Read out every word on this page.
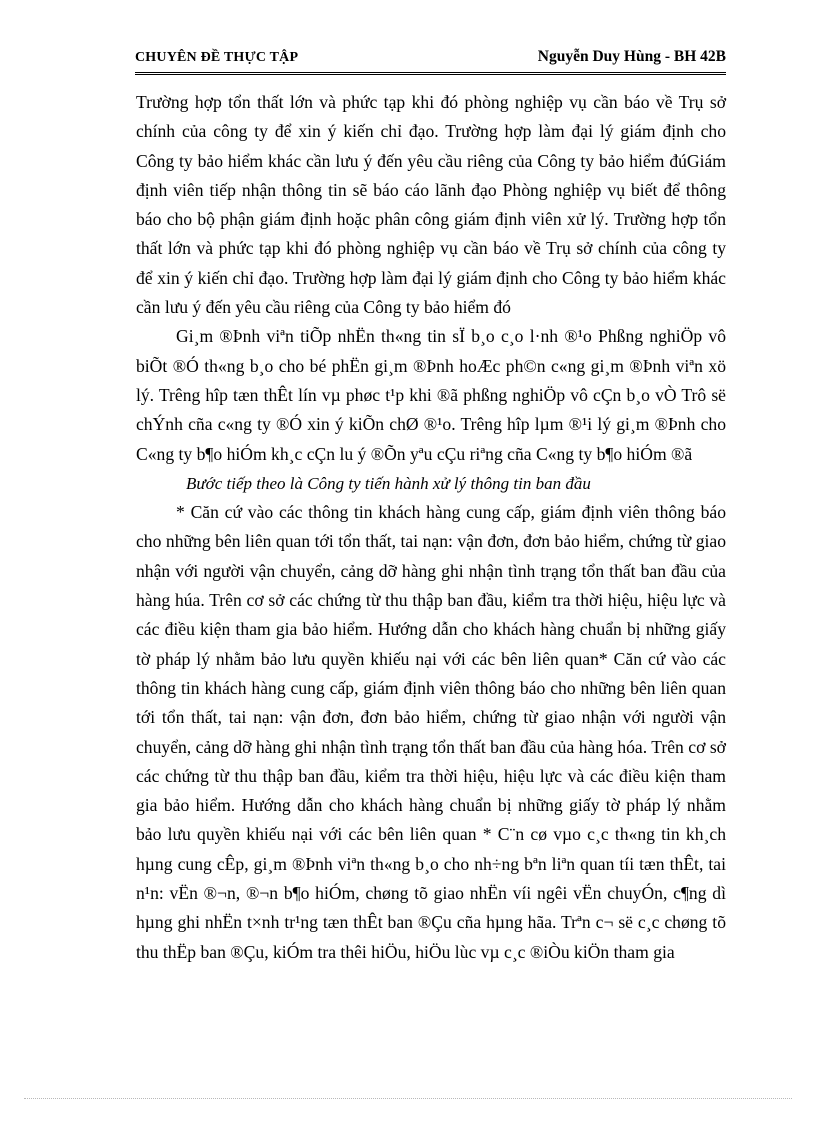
CHUYÊN ĐỀ THỰC TẬP	Nguyễn Duy Hùng - BH 42B

Trường hợp tổn thất lớn và phức tạp khi đó phòng nghiệp vụ cần báo về Trụ sở chính của công ty để xin ý kiến chỉ đạo. Trường hợp làm đại lý giám định cho Công ty bảo hiểm khác cần lưu ý đến yêu cầu riêng của Công ty bảo hiểm đúGiám định viên tiếp nhận thông tin sẽ báo cáo lãnh đạo Phòng nghiệp vụ biết để thông báo cho bộ phận giám định hoặc phân công giám định viên xử lý. Trường hợp tổn thất lớn và phức tạp khi đó phòng nghiệp vụ cần báo về Trụ sở chính của công ty để xin ý kiến chỉ đạo. Trường hợp làm đại lý giám định cho Công ty bảo hiểm khác cần lưu ý đến yêu cầu riêng của Công ty bảo hiểm đó

Gi¸m ®Þnh viªn tiÕp nhËn th«ng tin sÏ b¸o c¸o l·nh ®¹o Phßng nghiÖp vô biÕt ®Ó th«ng b¸o cho bé phËn gi¸m ®Þnh hoÆc ph©n c«ng gi¸m ®Þnh viªn xö lý. Trêng hîp tæn thÊt lín vµ phøc t¹p khi ®ã phßng nghiÖp vô cÇn b¸o vÒ Trô së chÝnh cña c«ng ty ®Ó xin ý kiÕn chØ ®¹o. Trêng hîp lµm ®¹i lý gi¸m ®Þnh cho C«ng ty b¶o hiÓm kh¸c cÇn lu ý ®Õn yªu cÇu riªng cña C«ng ty b¶o hiÓm ®ã

Bước tiếp theo là Công ty tiến hành xử lý thông tin ban đầu

* Căn cứ vào các thông tin khách hàng cung cấp, giám định viên thông báo cho những bên liên quan tới tổn thất, tai nạn: vận đơn, đơn bảo hiểm, chứng từ giao nhận với người vận chuyển, cảng dỡ hàng ghi nhận tình trạng tổn thất ban đầu của hàng húa. Trên cơ sở các chứng từ thu thập ban đầu, kiểm tra thời hiệu, hiệu lực và các điều kiện tham gia bảo hiểm. Hướng dẫn cho khách hàng chuẩn bị những giấy tờ pháp lý nhằm bảo lưu quyền khiếu nại với các bên liên quan* Căn cứ vào các thông tin khách hàng cung cấp, giám định viên thông báo cho những bên liên quan tới tổn thất, tai nạn: vận đơn, đơn bảo hiểm, chứng từ giao nhận với người vận chuyển, cảng dỡ hàng ghi nhận tình trạng tổn thất ban đầu của hàng hóa. Trên cơ sở các chứng từ thu thập ban đầu, kiểm tra thời hiệu, hiệu lực và các điều kiện tham gia bảo hiểm. Hướng dẫn cho khách hàng chuẩn bị những giấy tờ pháp lý nhằm bảo lưu quyền khiếu nại với các bên liên quan * C¨n cø vµo c¸c th«ng tin kh¸ch hµng cung cÊp, gi¸m ®Þnh viªn th«ng b¸o cho nh÷ng bªn liªn quan tíi tæn thÊt, tai n¹n: vËn ®¬n, ®¬n b¶o hiÓm, chøng tõ giao nhËn víi ngêi vËn chuyÓn, c¶ng dì hµng ghi nhËn t×nh tr¹ng tæn thÊt ban ®Çu cña hµng hãa. Trªn c¬ së c¸c chøng tõ thu thËp ban ®Çu, kiÓm tra thêi hiÖu, hiÖu lùc vµ c¸c ®iÒu kiÖn tham gia
